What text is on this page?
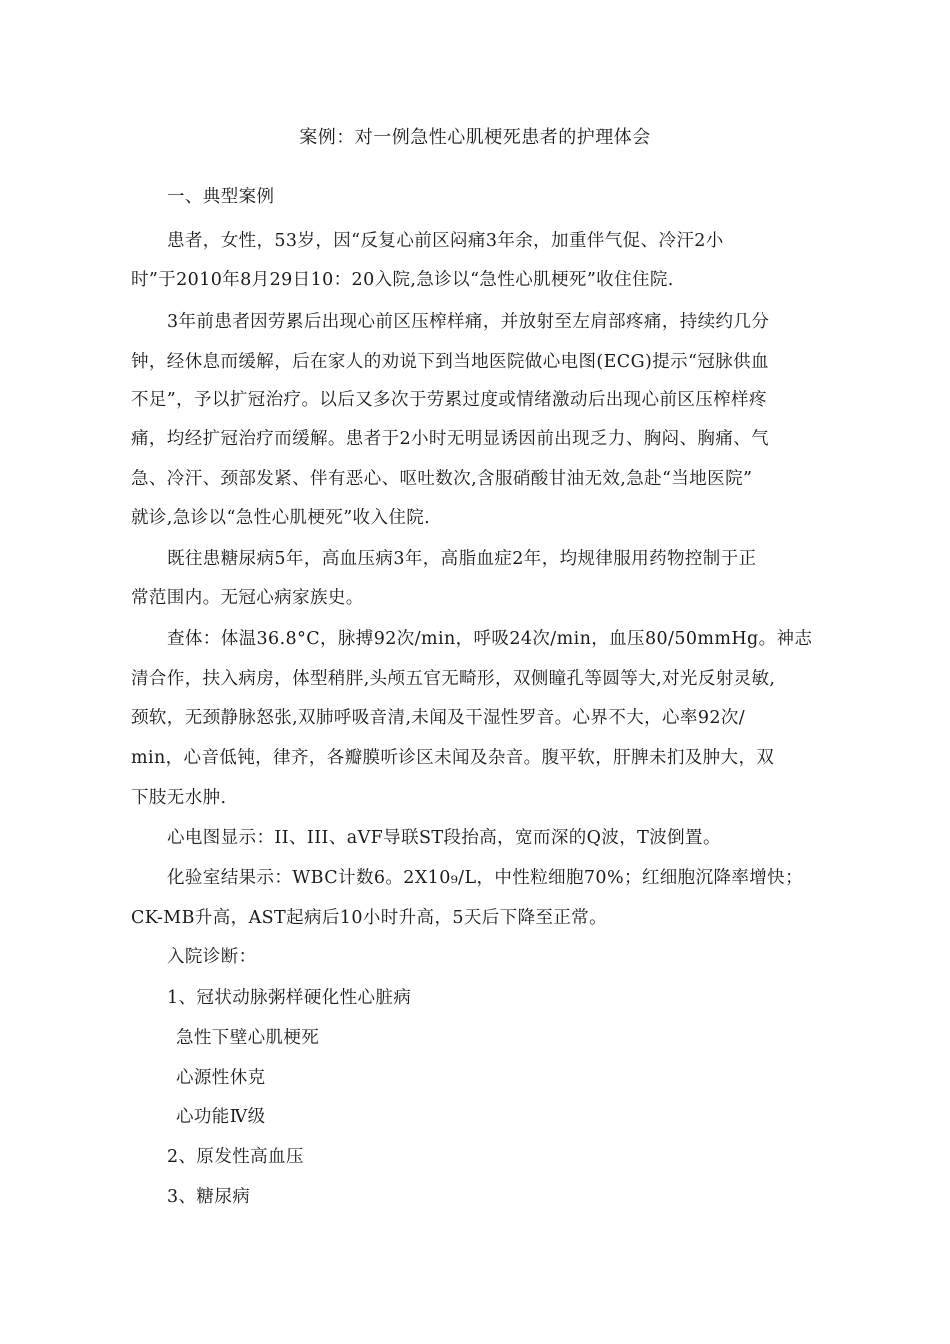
案例：对一例急性心肌梗死患者的护理体会
一、典型案例
患者，女性，53岁，因“反复心前区闷痛3年余，加重伴气促、冷汗2小
时”于2010年8月29日10：20入院,急诊以“急性心肌梗死”收住住院.
3年前患者因劳累后出现心前区压榨样痛，并放射至左肩部疼痛，持续约几分
钟，经休息而缓解，后在家人的劝说下到当地医院做心电图(ECG)提示“冠脉供血
不足”，予以扩冠治疗。以后又多次于劳累过度或情绪激动后出现心前区压榨样疼
痛，均经扩冠治疗而缓解。患者于2小时无明显诱因前出现乏力、胸闷、胸痛、气
急、冷汗、颈部发紧、伴有恶心、呕吐数次,含服硝酸甘油无效,急赴“当地医院”
就诊,急诊以“急性心肌梗死”收入住院.
既往患糖尿病5年，高血压病3年，高脂血症2年，均规律服用药物控制于正
常范围内。无冠心病家族史。
查体：体温36.8°C，脉搏92次/min，呼吸24次/min，血压80/50mmHg。神志
清合作，扶入病房，体型稍胖,头颅五官无畸形，双侧瞳孔等圆等大,对光反射灵敏,
颈软，无颈静脉怒张,双肺呼吸音清,未闻及干湿性罗音。心界不大，心率92次/
min，心音低钝，律齐，各瓣膜听诊区未闻及杂音。腹平软，肝脾未扪及肿大，双
下肢无水肿.
心电图显示：II、III、aVF导联ST段抬高，宽而深的Q波，T波倒置。
化验室结果示：WBC计数6。2X10₉/L，中性粒细胞70%；红细胞沉降率增快；
CK-MB升高，AST起病后10小时升高，5天后下降至正常。
入院诊断：
1、冠状动脉粥样硬化性心脏病
急性下壁心肌梗死
心源性休克
心功能Ⅳ级
2、原发性高血压
3、糖尿病
